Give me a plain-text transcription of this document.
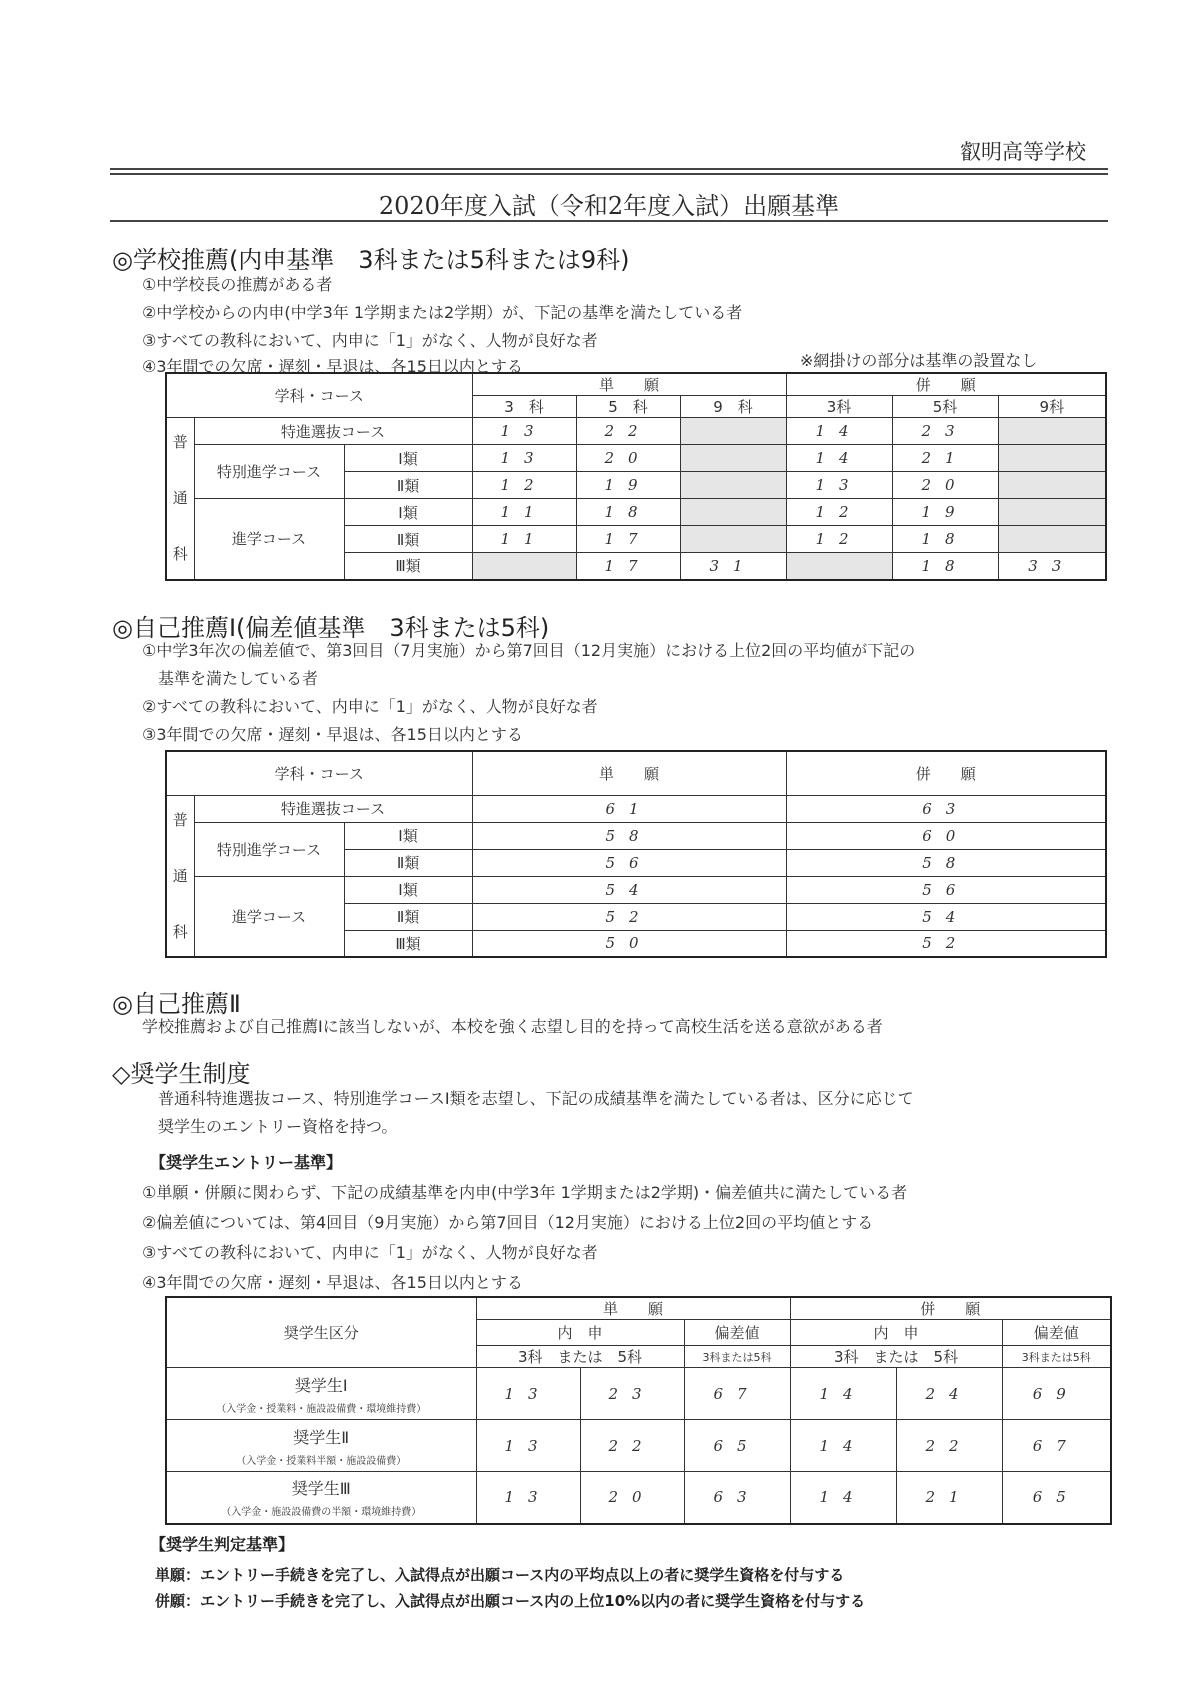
叡明高等学校
2020年度入試（令和2年度入試）出願基準
◎学校推薦(内申基準　3科または5科または9科)
①中学校長の推薦がある者
②中学校からの内申(中学3年 1学期または2学期）が、下記の基準を満たしている者
③すべての教科において、内申に「1」がなく、人物が良好な者
④3年間での欠席・遅刻・早退は、各15日以内とする	※網掛けの部分は基準の設置なし
学科・コース			単　　願			併　　願		
			3　科	5　科	9　科	3科	5科	9科
普

通

科	特進選抜コース		13	22		14	23	
	特別進学コース	Ⅰ類	13	20		14	21	
		Ⅱ類	12	19		13	20	
	進学コース	Ⅰ類	11	18		12	19	
		Ⅱ類	11	17		12	18	
		Ⅲ類		17	31		18	33
◎自己推薦Ⅰ(偏差値基準　3科または5科)
①中学3年次の偏差値で、第3回目（7月実施）から第7回目（12月実施）における上位2回の平均値が下記の
基準を満たしている者
②すべての教科において、内申に「1」がなく、人物が良好な者
③3年間での欠席・遅刻・早退は、各15日以内とする
学科・コース			単　　願	併　　願
普

通

科	特進選抜コース		61	63
	特別進学コース	Ⅰ類	58	60
		Ⅱ類	56	58
	進学コース	Ⅰ類	54	56
		Ⅱ類	52	54
		Ⅲ類	50	52
◎自己推薦Ⅱ
学校推薦および自己推薦Ⅰに該当しないが、本校を強く志望し目的を持って高校生活を送る意欲がある者
◇奨学生制度
普通科特進選抜コース、特別進学コースⅠ類を志望し、下記の成績基準を満たしている者は、区分に応じて
奨学生のエントリー資格を持つ。
【奨学生エントリー基準】
①単願・併願に関わらず、下記の成績基準を内申(中学3年 1学期または2学期)・偏差値共に満たしている者
②偏差値については、第4回目（9月実施）から第7回目（12月実施）における上位2回の平均値とする
③すべての教科において、内申に「1」がなく、人物が良好な者
④3年間での欠席・遅刻・早退は、各15日以内とする
奨学生区分	単　　願			併　　願		
	内　申		偏差値	内　申		偏差値
	3科　または　5科		3科または5科	3科　または　5科		3科または5科

奨学生Ⅰ
（入学金・授業料・施設設備費・環境維持費）	13	23	67	14	24	69

奨学生Ⅱ
（入学金・授業料半額・施設設備費）	13	22	65	14	22	67

奨学生Ⅲ
（入学金・施設設備費の半額・環境維持費）	13	20	63	14	21	65
【奨学生判定基準】
単願：エントリー手続きを完了し、入試得点が出願コース内の平均点以上の者に奨学生資格を付与する
併願：エントリー手続きを完了し、入試得点が出願コース内の上位10%以内の者に奨学生資格を付与する
